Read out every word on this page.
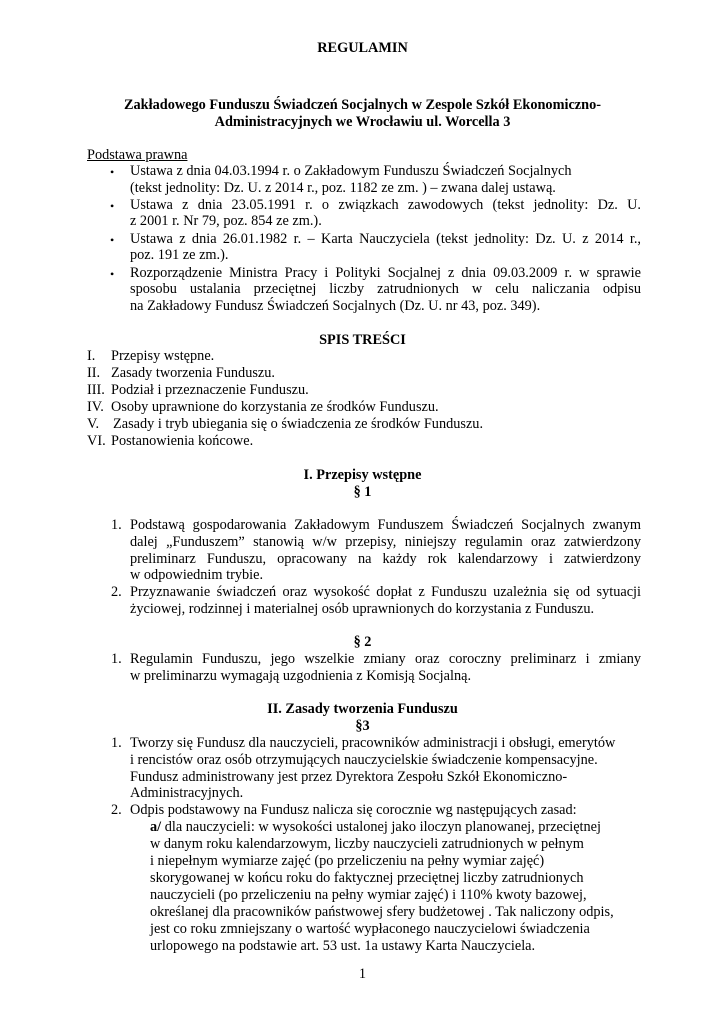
REGULAMIN
Zakładowego Funduszu Świadczeń Socjalnych w Zespole Szkół Ekonomiczno-
Administracyjnych we Wrocławiu ul. Worcella 3
Podstawa prawna
• Ustawa z dnia 04.03.1994 r. o Zakładowym Funduszu Świadczeń Socjalnych
(tekst jednolity: Dz. U. z 2014 r., poz. 1182 ze zm. ) – zwana dalej ustawą.
• Ustawa z dnia 23.05.1991 r. o związkach zawodowych (tekst jednolity: Dz. U.
z 2001 r. Nr 79, poz. 854 ze zm.).
• Ustawa z dnia 26.01.1982 r. – Karta Nauczyciela (tekst jednolity: Dz. U. z 2014 r.,
poz. 191 ze zm.).
• Rozporządzenie Ministra Pracy i Polityki Socjalnej z dnia 09.03.2009 r. w sprawie
sposobu ustalania przeciętnej liczby zatrudnionych w celu naliczania odpisu
na Zakładowy Fundusz Świadczeń Socjalnych (Dz. U. nr 43, poz. 349).
SPIS TREŚCI
I. Przepisy wstępne.
II. Zasady tworzenia Funduszu.
III. Podział i przeznaczenie Funduszu.
IV. Osoby uprawnione do korzystania ze środków Funduszu.
V. Zasady i tryb ubiegania się o świadczenia ze środków Funduszu.
VI. Postanowienia końcowe.
I. Przepisy wstępne
§ 1
1. Podstawą gospodarowania Zakładowym Funduszem Świadczeń Socjalnych zwanym
dalej „Funduszem” stanowią w/w przepisy, niniejszy regulamin oraz zatwierdzony
preliminarz Funduszu, opracowany na każdy rok kalendarzowy i zatwierdzony
w odpowiednim trybie.
2. Przyznawanie świadczeń oraz wysokość dopłat z Funduszu uzależnia się od sytuacji
życiowej, rodzinnej i materialnej osób uprawnionych do korzystania z Funduszu.
§ 2
1. Regulamin Funduszu, jego wszelkie zmiany oraz coroczny preliminarz i zmiany
w preliminarzu wymagają uzgodnienia z Komisją Socjalną.
II. Zasady tworzenia Funduszu
§3
1. Tworzy się Fundusz dla nauczycieli, pracowników administracji i obsługi, emerytów
i rencistów oraz osób otrzymujących nauczycielskie świadczenie kompensacyjne.
Fundusz administrowany jest przez Dyrektora Zespołu Szkół Ekonomiczno-
Administracyjnych.
2. Odpis podstawowy na Fundusz nalicza się corocznie wg następujących zasad:
a/ dla nauczycieli: w wysokości ustalonej jako iloczyn planowanej, przeciętnej
w danym roku kalendarzowym, liczby nauczycieli zatrudnionych w pełnym
i niepełnym wymiarze zajęć (po przeliczeniu na pełny wymiar zajęć)
skorygowanej w końcu roku do faktycznej przeciętnej liczby zatrudnionych
nauczycieli (po przeliczeniu na pełny wymiar zajęć) i 110% kwoty bazowej,
określanej dla pracowników państwowej sfery budżetowej . Tak naliczony odpis,
jest co roku zmniejszany o wartość wypłaconego nauczycielowi świadczenia
urlopowego na podstawie art. 53 ust. 1a ustawy Karta Nauczyciela.
1
